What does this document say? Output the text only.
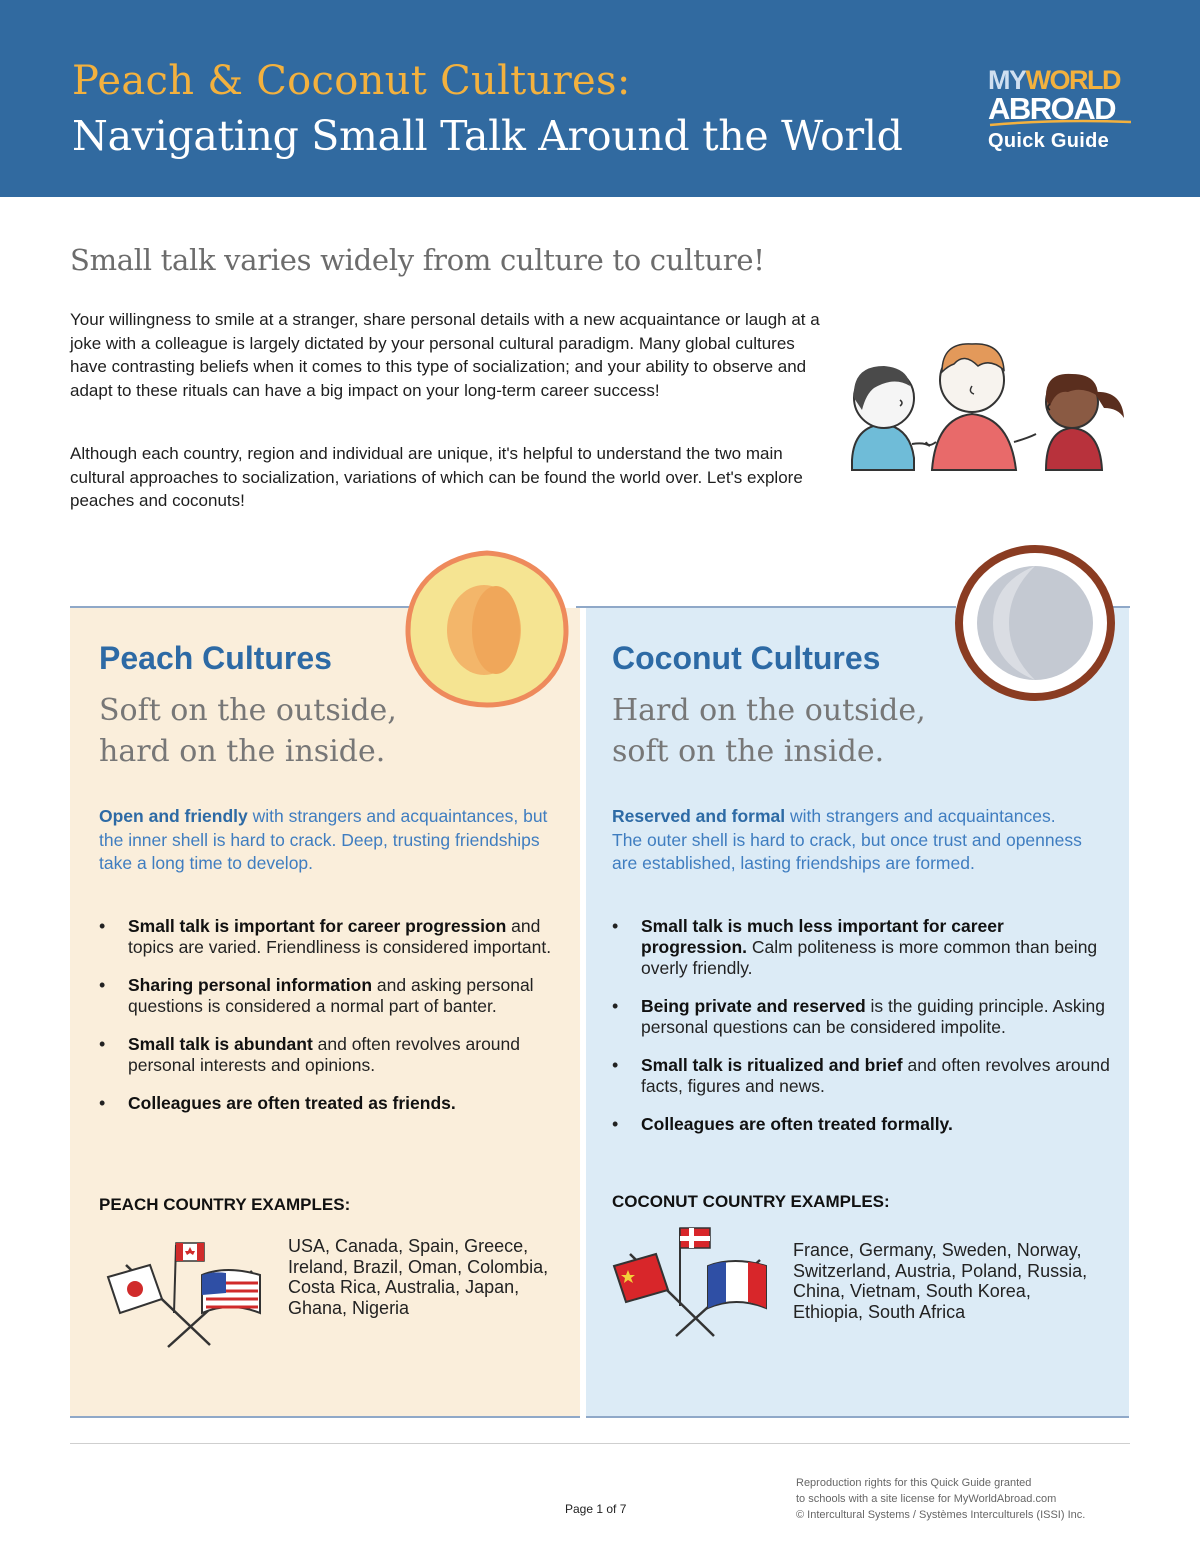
Peach & Coconut Cultures:
Navigating Small Talk Around the World
MYWORLD
ABROAD
Quick Guide
Small talk varies widely from culture to culture!

Your willingness to smile at a stranger, share personal details with a new acquaintance or laugh at a joke with a colleague is largely dictated by your personal cultural paradigm. Many global cultures have contrasting beliefs when it comes to this type of socialization; and your ability to observe and adapt to these rituals can have a big impact on your long-term career success!

Although each country, region and individual are unique, it's helpful to understand the two main cultural approaches to socialization, variations of which can be found the world over. Let's explore peaches and coconuts!

Peach Cultures
Soft on the outside,
hard on the inside.

Open and friendly with strangers and acquaintances, but the inner shell is hard to crack. Deep, trusting friendships take a long time to develop.

• Small talk is important for career progression and topics are varied. Friendliness is considered important.
• Sharing personal information and asking personal questions is considered a normal part of banter.
• Small talk is abundant and often revolves around personal interests and opinions.
• Colleagues are often treated as friends.
PEACH COUNTRY EXAMPLES:

USA, Canada, Spain, Greece, Ireland, Brazil, Oman, Colombia, Costa Rica, Australia, Japan, Ghana, Nigeria

Coconut Cultures
Hard on the outside,
soft on the inside.

Reserved and formal with strangers and acquaintances. The outer shell is hard to crack, but once trust and openness are established, lasting friendships are formed.

• Small talk is much less important for career progression. Calm politeness is more common than being overly friendly.
• Being private and reserved is the guiding principle. Asking personal questions can be considered impolite.
• Small talk is ritualized and brief and often revolves around facts, figures and news.
• Colleagues are often treated formally.
COCONUT COUNTRY EXAMPLES:

France, Germany, Sweden, Norway, Switzerland, Austria, Poland, Russia, China, Vietnam, South Korea, Ethiopia, South Africa

Page 1 of 7
Reproduction rights for this Quick Guide granted
to schools with a site license for MyWorldAbroad.com
© Intercultural Systems / Systèmes Interculturels (ISSI) Inc.
